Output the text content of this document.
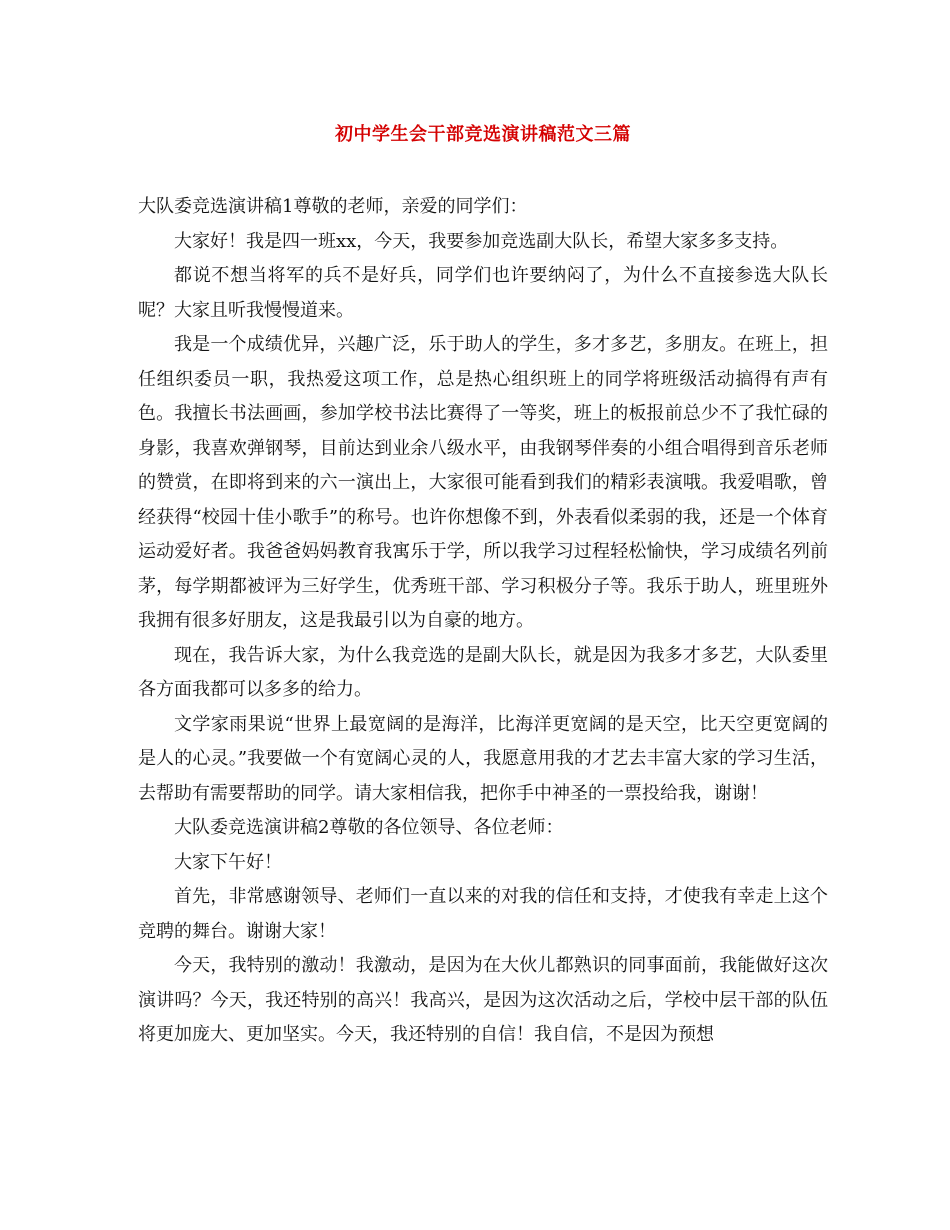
初中学生会干部竞选演讲稿范文三篇

大队委竞选演讲稿1尊敬的老师，亲爱的同学们：

大家好！我是四一班xx，今天，我要参加竞选副大队长，希望大家多多支持。

都说不想当将军的兵不是好兵，同学们也许要纳闷了，为什么不直接参选大队长呢？大家且听我慢慢道来。

我是一个成绩优异，兴趣广泛，乐于助人的学生，多才多艺，多朋友。在班上，担任组织委员一职，我热爱这项工作，总是热心组织班上的同学将班级活动搞得有声有色。我擅长书法画画，参加学校书法比赛得了一等奖，班上的板报前总少不了我忙碌的身影，我喜欢弹钢琴，目前达到业余八级水平，由我钢琴伴奏的小组合唱得到音乐老师的赞赏，在即将到来的六一演出上，大家很可能看到我们的精彩表演哦。我爱唱歌，曾经获得“校园十佳小歌手”的称号。也许你想像不到，外表看似柔弱的我，还是一个体育运动爱好者。我爸爸妈妈教育我寓乐于学，所以我学习过程轻松愉快，学习成绩名列前茅，每学期都被评为三好学生，优秀班干部、学习积极分子等。我乐于助人，班里班外我拥有很多好朋友，这是我最引以为自豪的地方。

现在，我告诉大家，为什么我竞选的是副大队长，就是因为我多才多艺，大队委里各方面我都可以多多的给力。

文学家雨果说“世界上最宽阔的是海洋，比海洋更宽阔的是天空，比天空更宽阔的是人的心灵。”我要做一个有宽阔心灵的人，我愿意用我的才艺去丰富大家的学习生活，去帮助有需要帮助的同学。请大家相信我，把你手中神圣的一票投给我，谢谢！

大队委竞选演讲稿2尊敬的各位领导、各位老师：

大家下午好！

首先，非常感谢领导、老师们一直以来的对我的信任和支持，才使我有幸走上这个竞聘的舞台。谢谢大家！

今天，我特别的激动！我激动，是因为在大伙儿都熟识的同事面前，我能做好这次演讲吗？今天，我还特别的高兴！我高兴，是因为这次活动之后，学校中层干部的队伍将更加庞大、更加坚实。今天，我还特别的自信！我自信，不是因为预想
